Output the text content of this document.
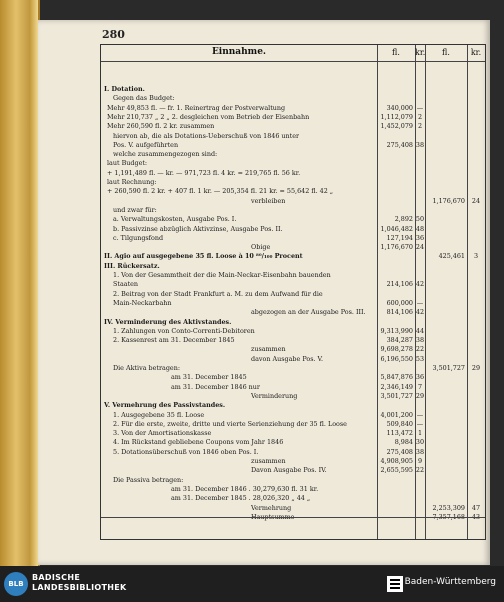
280
Einnahme.	fl.	kr.	fl.	kr.
I. Dotation.
Gegen das Budget:
Mehr 49,853 fl. — fr. 1. Reinertrag der Postverwaltung	340,000 —
Mehr 210,737 „ 2 „ 2. desgleichen vom Betrieb der Eisenbahn	1,112,079 2
Mehr 260,590 fl. 2 kr. zusammen	1,452,079 2
hiervon ab, die als Dotations-Ueberschuß von 1846 unter
Pos. V. aufgeführten	275,408 38
welche zusammengezogen sind:
laut Budget:
+ 1,191,489 fl. — kr. — 971,723 fl. 4 kr. = 219,765 fl. 56 kr.
laut Rechnung:
+ 260,590 fl. 2 kr. + 407 fl. 1 kr. — 205,354 fl. 21 kr. = 55,642 fl. 42 „
verbleiben	1,176,670	24
und zwar für:
a. Verwaltungskosten, Ausgabe Pos. I.	2,892 50
b. Passivzinse abzüglich Aktivzinse, Ausgabe Pos. II.	1,046,482 48
c. Tilgungsfond	127,194 36
Obige	1,176,670 24
II. Agio auf ausgegebene 35 fl. Loose à 10 ⁸⁰/₁₀₀ Procent	425,461	3
III. Rückersatz.
1. Von der Gesammtheit der die Main-Neckar-Eisenbahn bauenden
Staaten	214,106 42
2. Beitrag von der Stadt Frankfurt a. M. zu dem Aufwand für die
Main-Neckarbahn	600,000 —
abgezogen an der Ausgabe Pos. III.	814,106 42
IV. Verminderung des Aktivstandes.
1. Zahlungen von Conto-Correnti-Debitoren	9,313,990 44
2. Kassenrest am 31. December 1845	384,287 38
zusammen	9,698,278 22
davon Ausgabe Pos. V.	6,196,550 53
Die Aktiva betragen:	3,501,727	29
am 31. December 1845	5,847,876 36
am 31. December 1846 nur	2,346,149 7
Verminderung	3,501,727 29
V. Vermehrung des Passivstandes.
1. Ausgegebene 35 fl. Loose	4,001,200 —
2. Für die erste, zweite, dritte und vierte Serienziehung der 35 fl. Loose	509,840 —
3. Von der Amortisationskasse	113,472 1
4. Im Rückstand gebliebene Coupons vom Jahr 1846	8,984 30
5. Dotationsüberschuß von 1846 oben Pos. I.	275,408 38
zusammen	4,908,905 9
Davon Ausgabe Pos. IV.	2,655,595 22
Die Passiva betragen:
am 31. December 1846 . 30,279,630 fl. 31 kr.
am 31. December 1845 . 28,026,320 „ 44 „
Vermehrung	2,253,309	47
Hauptsumme	7,357,168	43
BLB
BADISCHE
LANDESBIBLIOTHEK
Baden-Württemberg
